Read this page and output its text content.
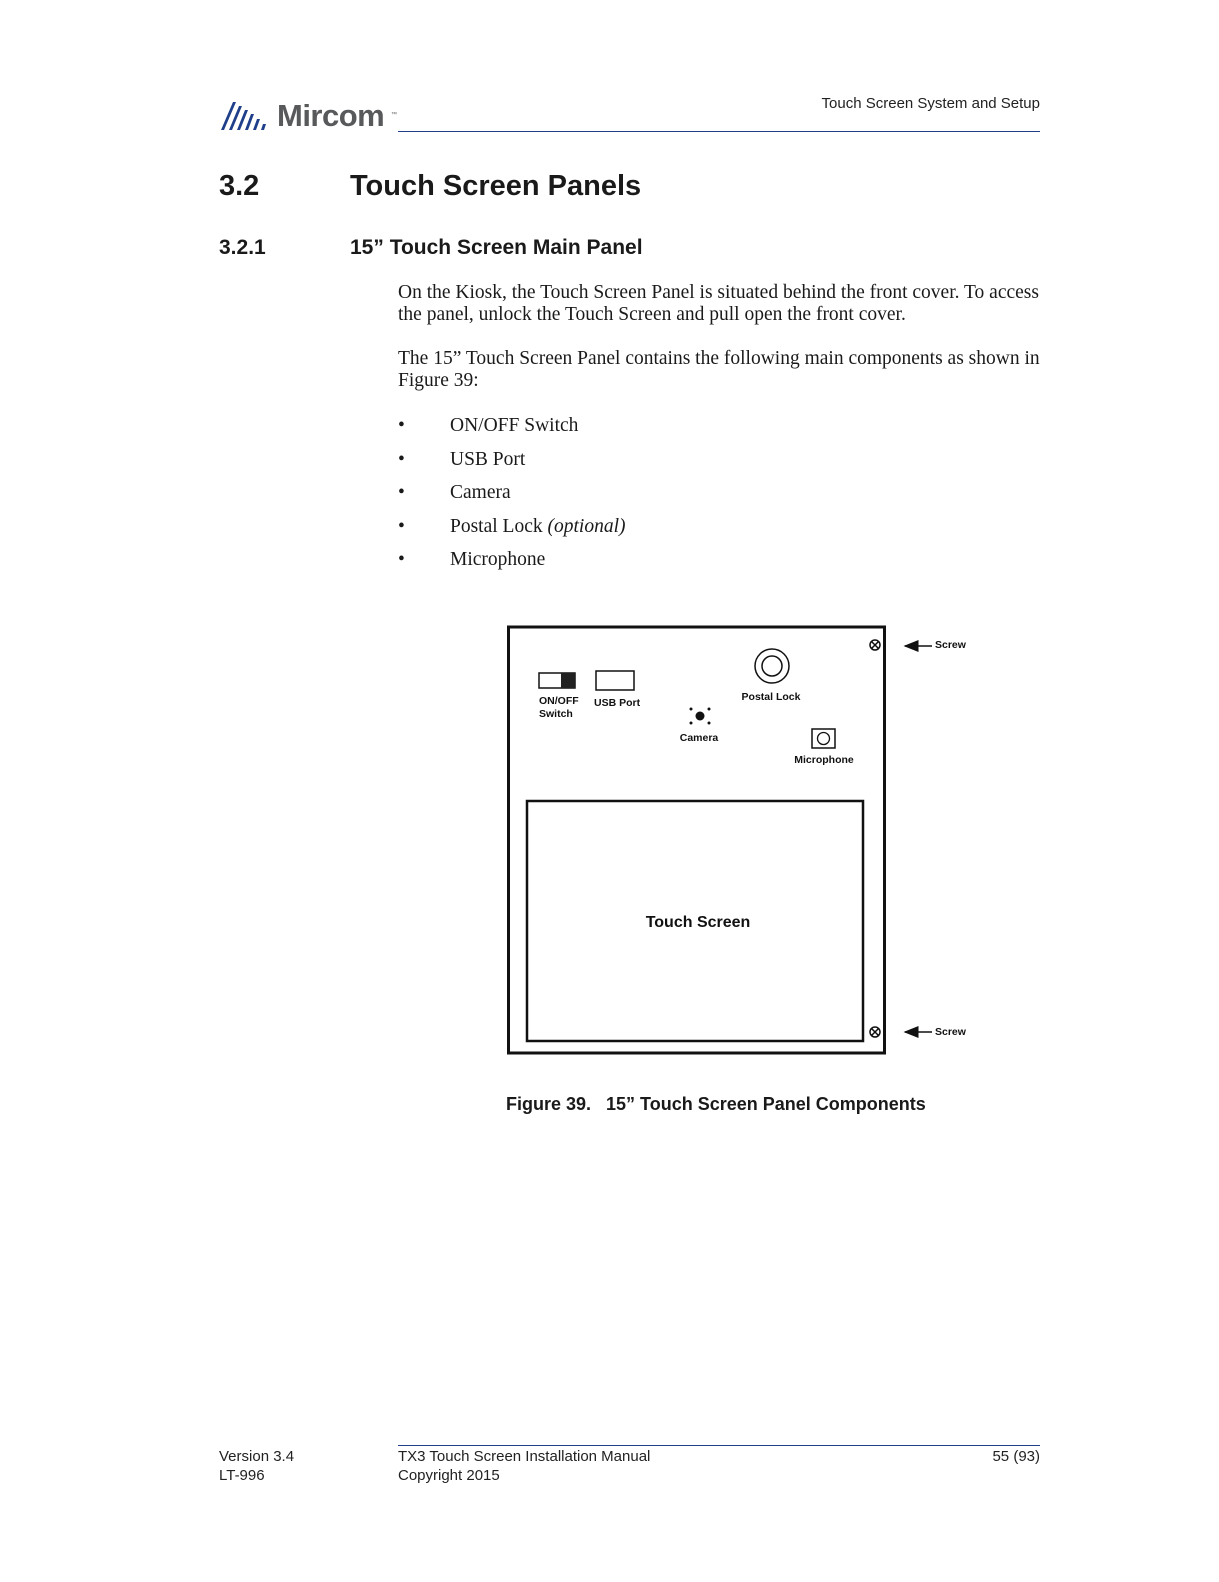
Mircom ™
Touch Screen System and Setup
3.2	Touch Screen Panels
3.2.1	15” Touch Screen Main Panel
On the Kiosk, the Touch Screen Panel is situated behind the front cover. To access the panel, unlock the Touch Screen and pull open the front cover.
The 15” Touch Screen Panel contains the following main components as shown in Figure 39:
• ON/OFF Switch
• USB Port
• Camera
• Postal Lock (optional)
• Microphone
Screw
Screw
ON/OFF
Switch
USB Port	Postal Lock
Camera
Microphone
Touch Screen
Figure 39.   15” Touch Screen Panel Components
Version 3.4
LT-996
TX3 Touch Screen Installation Manual
Copyright 2015
55 (93)
